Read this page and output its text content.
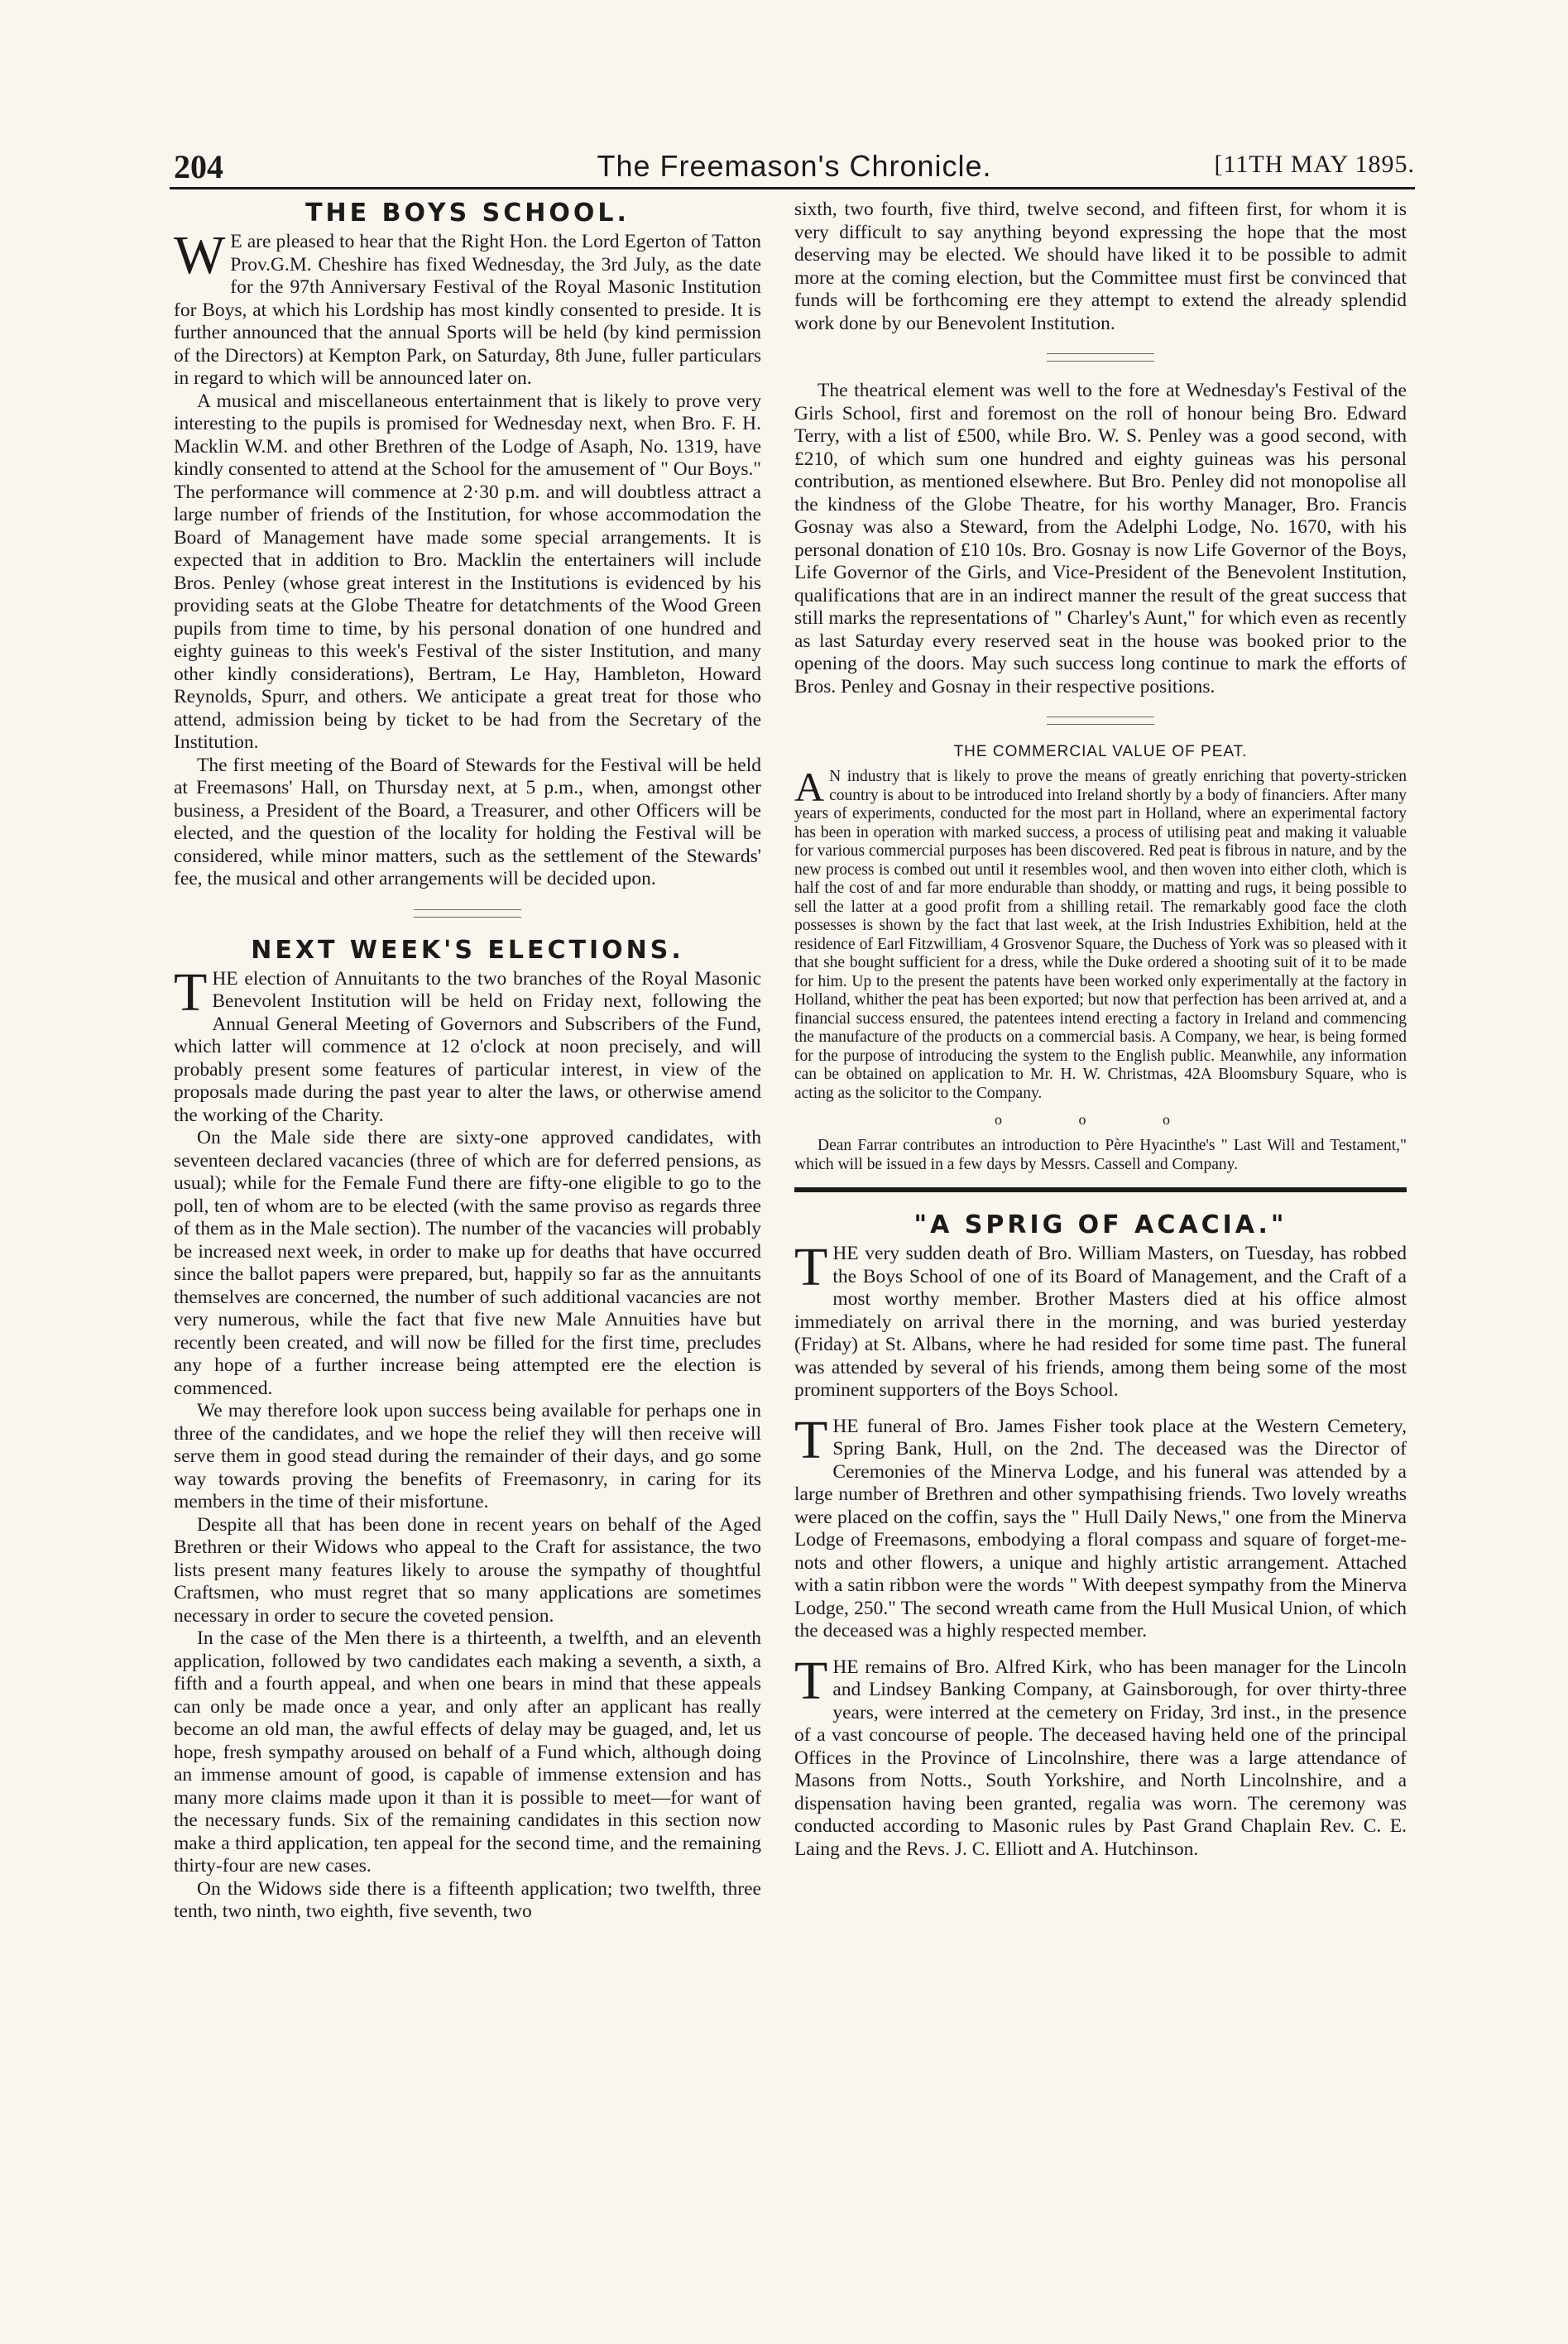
204	The Freemason's Chronicle.	[11TH MAY 1895.
THE BOYS SCHOOL.

W E are pleased to hear that the Right Hon. the Lord Egerton of Tatton Prov.G.M. Cheshire has fixed Wednesday, the 3rd July, as the date for the 97th Anniversary Festival of the Royal Masonic Institution for Boys, at which his Lordship has most kindly consented to preside. It is further announced that the annual Sports will be held (by kind permission of the Directors) at Kempton Park, on Saturday, 8th June, fuller particulars in regard to which will be announced later on.

A musical and miscellaneous entertainment that is likely to prove very interesting to the pupils is promised for Wednesday next, when Bro. F. H. Macklin W.M. and other Brethren of the Lodge of Asaph, No. 1319, have kindly consented to attend at the School for the amusement of " Our Boys." The performance will commence at 2·30 p.m. and will doubtless attract a large number of friends of the Institution, for whose accommodation the Board of Management have made some special arrangements. It is expected that in addition to Bro. Macklin the entertainers will include Bros. Penley (whose great interest in the Institutions is evidenced by his providing seats at the Globe Theatre for detatchments of the Wood Green pupils from time to time, by his personal donation of one hundred and eighty guineas to this week's Festival of the sister Institution, and many other kindly considerations), Bertram, Le Hay, Hambleton, Howard Reynolds, Spurr, and others. We anticipate a great treat for those who attend, admission being by ticket to be had from the Secretary of the Institution.

The first meeting of the Board of Stewards for the Festival will be held at Freemasons' Hall, on Thursday next, at 5 p.m., when, amongst other business, a President of the Board, a Treasurer, and other Officers will be elected, and the question of the locality for holding the Festival will be considered, while minor matters, such as the settlement of the Stewards' fee, the musical and other arrangements will be decided upon.

NEXT WEEK'S ELECTIONS.

THE election of Annuitants to the two branches of the Royal Masonic Benevolent Institution will be held on Friday next, following the Annual General Meeting of Governors and Subscribers of the Fund, which latter will commence at 12 o'clock at noon precisely, and will probably present some features of particular interest, in view of the proposals made during the past year to alter the laws, or otherwise amend the working of the Charity.

On the Male side there are sixty-one approved candidates, with seventeen declared vacancies (three of which are for deferred pensions, as usual); while for the Female Fund there are fifty-one eligible to go to the poll, ten of whom are to be elected (with the same proviso as regards three of them as in the Male section). The number of the vacancies will probably be increased next week, in order to make up for deaths that have occurred since the ballot papers were prepared, but, happily so far as the annuitants themselves are concerned, the number of such additional vacancies are not very numerous, while the fact that five new Male Annuities have but recently been created, and will now be filled for the first time, precludes any hope of a further increase being attempted ere the election is commenced.

We may therefore look upon success being available for perhaps one in three of the candidates, and we hope the relief they will then receive will serve them in good stead during the remainder of their days, and go some way towards proving the benefits of Freemasonry, in caring for its members in the time of their misfortune.

Despite all that has been done in recent years on behalf of the Aged Brethren or their Widows who appeal to the Craft for assistance, the two lists present many features likely to arouse the sympathy of thoughtful Craftsmen, who must regret that so many applications are sometimes necessary in order to secure the coveted pension.

In the case of the Men there is a thirteenth, a twelfth, and an eleventh application, followed by two candidates each making a seventh, a sixth, a fifth and a fourth appeal, and when one bears in mind that these appeals can only be made once a year, and only after an applicant has really become an old man, the awful effects of delay may be guaged, and, let us hope, fresh sympathy aroused on behalf of a Fund which, although doing an immense amount of good, is capable of immense extension and has many more claims made upon it than it is possible to meet—for want of the necessary funds. Six of the remaining candidates in this section now make a third application, ten appeal for the second time, and the remaining thirty-four are new cases.

On the Widows side there is a fifteenth application; two twelfth, three tenth, two ninth, two eighth, five seventh, two

sixth, two fourth, five third, twelve second, and fifteen first, for whom it is very difficult to say anything beyond expressing the hope that the most deserving may be elected. We should have liked it to be possible to admit more at the coming election, but the Committee must first be convinced that funds will be forthcoming ere they attempt to extend the already splendid work done by our Benevolent Institution.

The theatrical element was well to the fore at Wednesday's Festival of the Girls School, first and foremost on the roll of honour being Bro. Edward Terry, with a list of £500, while Bro. W. S. Penley was a good second, with £210, of which sum one hundred and eighty guineas was his personal contribution, as mentioned elsewhere. But Bro. Penley did not monopolise all the kindness of the Globe Theatre, for his worthy Manager, Bro. Francis Gosnay was also a Steward, from the Adelphi Lodge, No. 1670, with his personal donation of £10 10s. Bro. Gosnay is now Life Governor of the Boys, Life Governor of the Girls, and Vice-President of the Benevolent Institution, qualifications that are in an indirect manner the result of the great success that still marks the representations of " Charley's Aunt," for which even as recently as last Saturday every reserved seat in the house was booked prior to the opening of the doors. May such success long continue to mark the efforts of Bros. Penley and Gosnay in their respective positions.

THE COMMERCIAL VALUE OF PEAT.

A N industry that is likely to prove the means of greatly enriching that poverty-stricken country is about to be introduced into Ireland shortly by a body of financiers. After many years of experiments, conducted for the most part in Holland, where an experimental factory has been in operation with marked success, a process of utilising peat and making it valuable for various commercial purposes has been discovered. Red peat is fibrous in nature, and by the new process is combed out until it resembles wool, and then woven into either cloth, which is half the cost of and far more endurable than shoddy, or matting and rugs, it being possible to sell the latter at a good profit from a shilling retail. The remarkably good face the cloth possesses is shown by the fact that last week, at the Irish Industries Exhibition, held at the residence of Earl Fitzwilliam, 4 Grosvenor Square, the Duchess of York was so pleased with it that she bought sufficient for a dress, while the Duke ordered a shooting suit of it to be made for him. Up to the present the patents have been worked only experimentally at the factory in Holland, whither the peat has been exported; but now that perfection has been arrived at, and a financial success ensured, the patentees intend erecting a factory in Ireland and commencing the manufacture of the products on a commercial basis. A Company, we hear, is being formed for the purpose of introducing the system to the English public. Meanwhile, any information can be obtained on application to Mr. H. W. Christmas, 42A Bloomsbury Square, who is acting as the solicitor to the Company.

o o o

Dean Farrar contributes an introduction to Père Hyacinthe's " Last Will and Testament," which will be issued in a few days by Messrs. Cassell and Company.

"A SPRIG OF ACACIA."

THE very sudden death of Bro. William Masters, on Tuesday, has robbed the Boys School of one of its Board of Management, and the Craft of a most worthy member. Brother Masters died at his office almost immediately on arrival there in the morning, and was buried yesterday (Friday) at St. Albans, where he had resided for some time past. The funeral was attended by several of his friends, among them being some of the most prominent supporters of the Boys School.

THE funeral of Bro. James Fisher took place at the Western Cemetery, Spring Bank, Hull, on the 2nd. The deceased was the Director of Ceremonies of the Minerva Lodge, and his funeral was attended by a large number of Brethren and other sympathising friends. Two lovely wreaths were placed on the coffin, says the " Hull Daily News," one from the Minerva Lodge of Freemasons, embodying a floral compass and square of forget-me-nots and other flowers, a unique and highly artistic arrangement. Attached with a satin ribbon were the words " With deepest sympathy from the Minerva Lodge, 250." The second wreath came from the Hull Musical Union, of which the deceased was a highly respected member.

THE remains of Bro. Alfred Kirk, who has been manager for the Lincoln and Lindsey Banking Company, at Gainsborough, for over thirty-three years, were interred at the cemetery on Friday, 3rd inst., in the presence of a vast concourse of people. The deceased having held one of the principal Offices in the Province of Lincolnshire, there was a large attendance of Masons from Notts., South Yorkshire, and North Lincolnshire, and a dispensation having been granted, regalia was worn. The ceremony was conducted according to Masonic rules by Past Grand Chaplain Rev. C. E. Laing and the Revs. J. C. Elliott and A. Hutchinson.
